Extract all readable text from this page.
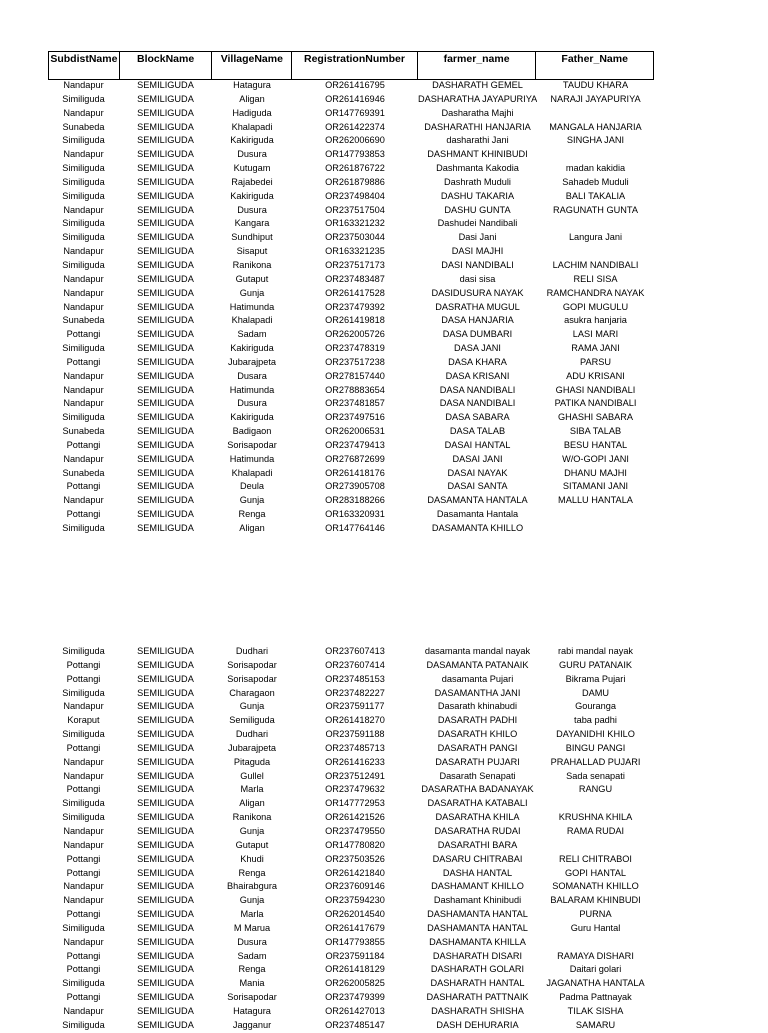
SubdistName	BlockName	VillageName	RegistrationNumber	farmer_name	Father_Name
Nandapur	SEMILIGUDA	Hatagura	OR261416795	DASHARATH GEMEL	TAUDU KHARA
Similiguda	SEMILIGUDA	Aligan	OR261416946	DASHARATHA JAYAPURIYA	NARAJI JAYAPURIYA
Nandapur	SEMILIGUDA	Hadiguda	OR147769391	Dasharatha Majhi
Sunabeda	SEMILIGUDA	Khalapadi	OR261422374	DASHARATHI HANJARIA	MANGALA HANJARIA
Similiguda	SEMILIGUDA	Kakiriguda	OR262006690	dasharathi Jani	SINGHA JANI
Nandapur	SEMILIGUDA	Dusura	OR147793853	DASHMANT KHINIBUDI
Similiguda	SEMILIGUDA	Kutugam	OR261876722	Dashmanta Kakodia	madan kakidia
Similiguda	SEMILIGUDA	Rajabedei	OR261879886	Dashrath Muduli	Sahadeb Muduli
Similiguda	SEMILIGUDA	Kakiriguda	OR237498404	DASHU TAKARIA	BALI TAKALIA
Nandapur	SEMILIGUDA	Dusura	OR237517504	DASHU GUNTA	RAGUNATH GUNTA
Similiguda	SEMILIGUDA	Kangara	OR163321232	Dashudei Nandibali
Similiguda	SEMILIGUDA	Sundhiput	OR237503044	Dasi Jani	Langura Jani
Nandapur	SEMILIGUDA	Sisaput	OR163321235	DASI MAJHI
Similiguda	SEMILIGUDA	Ranikona	OR237517173	DASI NANDIBALI	LACHIM NANDIBALI
Nandapur	SEMILIGUDA	Gutaput	OR237483487	dasi sisa	RELI SISA
Nandapur	SEMILIGUDA	Gunja	OR261417528	DASIDUSURA NAYAK	RAMCHANDRA NAYAK
Nandapur	SEMILIGUDA	Hatimunda	OR237479392	DASRATHA MUGUL	GOPI MUGULU
Sunabeda	SEMILIGUDA	Khalapadi	OR261419818	DASA HANJARIA	asukra hanjaria
Pottangi	SEMILIGUDA	Sadam	OR262005726	DASA DUMBARI	LASI MARI
Similiguda	SEMILIGUDA	Kakiriguda	OR237478319	DASA JANI	RAMA JANI
Pottangi	SEMILIGUDA	Jubarajpeta	OR237517238	DASA KHARA	PARSU
Nandapur	SEMILIGUDA	Dusara	OR278157440	DASA KRISANI	ADU KRISANI
Nandapur	SEMILIGUDA	Hatimunda	OR278883654	DASA NANDIBALI	GHASI NANDIBALI
Nandapur	SEMILIGUDA	Dusura	OR237481857	DASA NANDIBALI	PATIKA NANDIBALI
Similiguda	SEMILIGUDA	Kakiriguda	OR237497516	DASA SABARA	GHASHI SABARA
Sunabeda	SEMILIGUDA	Badigaon	OR262006531	DASA TALAB	SIBA TALAB
Pottangi	SEMILIGUDA	Sorisapodar	OR237479413	DASAI HANTAL	BESU HANTAL
Nandapur	SEMILIGUDA	Hatimunda	OR276872699	DASAI JANI	W/O-GOPI JANI
Sunabeda	SEMILIGUDA	Khalapadi	OR261418176	DASAI NAYAK	DHANU MAJHI
Pottangi	SEMILIGUDA	Deula	OR273905708	DASAI SANTA	SITAMANI JANI
Nandapur	SEMILIGUDA	Gunja	OR283188266	DASAMANTA HANTALA	MALLU HANTALA
Pottangi	SEMILIGUDA	Renga	OR163320931	Dasamanta Hantala
Similiguda	SEMILIGUDA	Aligan	OR147764146	DASAMANTA KHILLO
Similiguda	SEMILIGUDA	Dudhari	OR237607413	dasamanta mandal nayak	rabi mandal nayak
Pottangi	SEMILIGUDA	Sorisapodar	OR237607414	DASAMANTA PATANAIK	GURU PATANAIK
Pottangi	SEMILIGUDA	Sorisapodar	OR237485153	dasamanta Pujari	Bikrama Pujari
Similiguda	SEMILIGUDA	Charagaon	OR237482227	DASAMANTHA JANI	DAMU
Nandapur	SEMILIGUDA	Gunja	OR237591177	Dasarath khinabudi	Gouranga
Koraput	SEMILIGUDA	Semiliguda	OR261418270	DASARATH PADHI	taba padhi
Similiguda	SEMILIGUDA	Dudhari	OR237591188	DASARATH KHILO	DAYANIDHI KHILO
Pottangi	SEMILIGUDA	Jubarajpeta	OR237485713	DASARATH PANGI	BINGU PANGI
Nandapur	SEMILIGUDA	Pitaguda	OR261416233	DASARATH PUJARI	PRAHALLAD PUJARI
Nandapur	SEMILIGUDA	Gullel	OR237512491	Dasarath Senapati	Sada senapati
Pottangi	SEMILIGUDA	Marla	OR237479632	DASARATHA BADANAYAK	RANGU
Similiguda	SEMILIGUDA	Aligan	OR147772953	DASARATHA KATABALI
Similiguda	SEMILIGUDA	Ranikona	OR261421526	DASARATHA KHILA	KRUSHNA KHILA
Nandapur	SEMILIGUDA	Gunja	OR237479550	DASARATHA RUDAI	RAMA RUDAI
Nandapur	SEMILIGUDA	Gutaput	OR147780820	DASARATHI BARA
Pottangi	SEMILIGUDA	Khudi	OR237503526	DASARU CHITRABAI	RELI CHITRABOI
Pottangi	SEMILIGUDA	Renga	OR261421840	DASHA HANTAL	GOPI HANTAL
Nandapur	SEMILIGUDA	Bhairabgura	OR237609146	DASHAMANT KHILLO	SOMANATH KHILLO
Nandapur	SEMILIGUDA	Gunja	OR237594230	Dashamant Khinibudi	BALARAM KHINBUDI
Pottangi	SEMILIGUDA	Marla	OR262014540	DASHAMANTA HANTAL	PURNA
Similiguda	SEMILIGUDA	M Marua	OR261417679	DASHAMANTA HANTAL	Guru Hantal
Nandapur	SEMILIGUDA	Dusura	OR147793855	DASHAMANTA KHILLA
Pottangi	SEMILIGUDA	Sadam	OR237591184	DASHARATH DISARI	RAMAYA DISHARI
Pottangi	SEMILIGUDA	Renga	OR261418129	DASHARATH GOLARI	Daitari golari
Similiguda	SEMILIGUDA	Mania	OR262005825	DASHARATH HANTAL	JAGANATHA HANTALA
Pottangi	SEMILIGUDA	Sorisapodar	OR237479399	DASHARATH PATTNAIK	Padma Pattnayak
Nandapur	SEMILIGUDA	Hatagura	OR261427013	DASHARATH SHISHA	TILAK SISHA
Similiguda	SEMILIGUDA	Jagganur	OR237485147	DASH DEHURARIA	SAMARU
